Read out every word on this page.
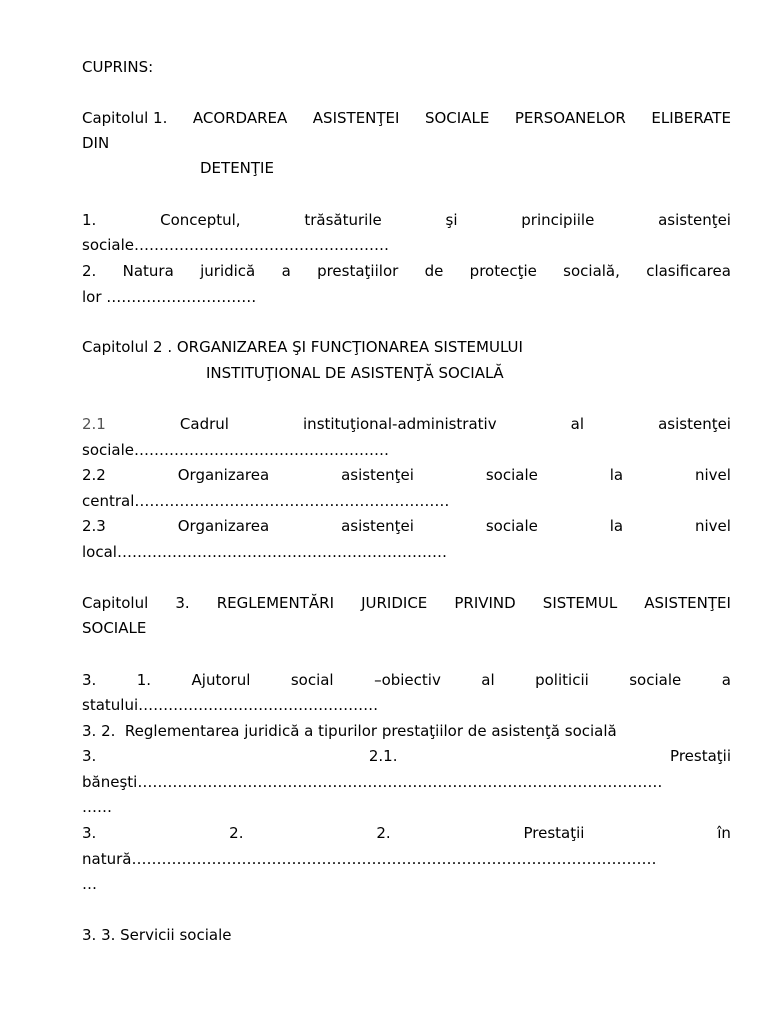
CUPRINS:
Capitolul 1. ACORDAREA ASISTENŢEI SOCIALE PERSOANELOR ELIBERATE
DIN
DETENŢIE
1.	Conceptul,	trăsăturile	şi	principiile	asistenţei
sociale……………………………………………
2. Natura juridică a prestaţiilor de protecţie socială, clasificarea
lor …………………………
Capitolul 2 . ORGANIZAREA ŞI FUNCŢIONAREA SISTEMULUI
INSTITUŢIONAL DE ASISTENŢĂ SOCIALĂ
2.1	Cadrul	instituţional-administrativ	al	asistenţei
sociale……………………………………………
2.2	Organizarea	asistenţei	sociale	la	nivel
central………………………………………………………
2.3	Organizarea	asistenţei	sociale	la	nivel
local…………………………………………………………
Capitolul 3. REGLEMENTĂRI JURIDICE PRIVIND SISTEMUL ASISTENŢEI
SOCIALE
3.	1.	Ajutorul	social	–obiectiv	al	politicii	sociale	a
statului…………………………………………
3. 2.  Reglementarea juridică a tipurilor prestaţiilor de asistenţă socială
3.	2.1.	Prestaţii
băneşti……………………………………………………………………………………………
……
3.	2.	2.	Prestaţii	în
natură……………………………………………………………………………………………
…
3. 3. Servicii sociale
